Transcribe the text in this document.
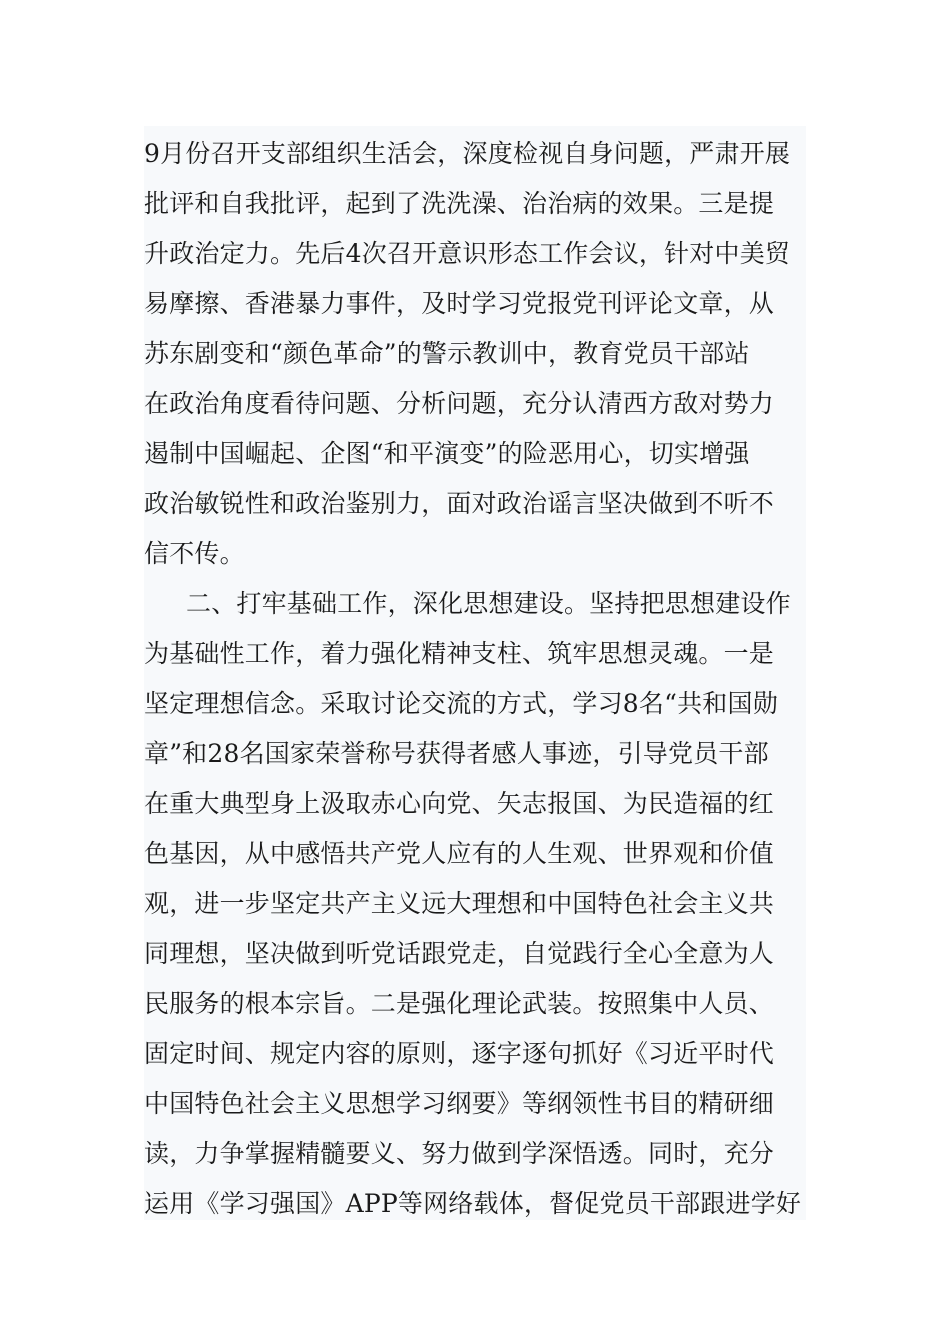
9月份召开支部组织生活会，深度检视自身问题，严肃开展
批评和自我批评，起到了洗洗澡、治治病的效果。三是提
升政治定力。先后4次召开意识形态工作会议，针对中美贸
易摩擦、香港暴力事件，及时学习党报党刊评论文章，从
苏东剧变和“颜色革命”的警示教训中，教育党员干部站
在政治角度看待问题、分析问题，充分认清西方敌对势力
遏制中国崛起、企图“和平演变”的险恶用心，切实增强
政治敏锐性和政治鉴别力，面对政治谣言坚决做到不听不
信不传。
二、打牢基础工作，深化思想建设。坚持把思想建设作
为基础性工作，着力强化精神支柱、筑牢思想灵魂。一是
坚定理想信念。采取讨论交流的方式，学习8名“共和国勋
章”和28名国家荣誉称号获得者感人事迹，引导党员干部
在重大典型身上汲取赤心向党、矢志报国、为民造福的红
色基因，从中感悟共产党人应有的人生观、世界观和价值
观，进一步坚定共产主义远大理想和中国特色社会主义共
同理想，坚决做到听党话跟党走，自觉践行全心全意为人
民服务的根本宗旨。二是强化理论武装。按照集中人员、
固定时间、规定内容的原则，逐字逐句抓好《习近平时代
中国特色社会主义思想学习纲要》等纲领性书目的精研细
读，力争掌握精髓要义、努力做到学深悟透。同时，充分
运用《学习强国》APP等网络载体，督促党员干部跟进学好
